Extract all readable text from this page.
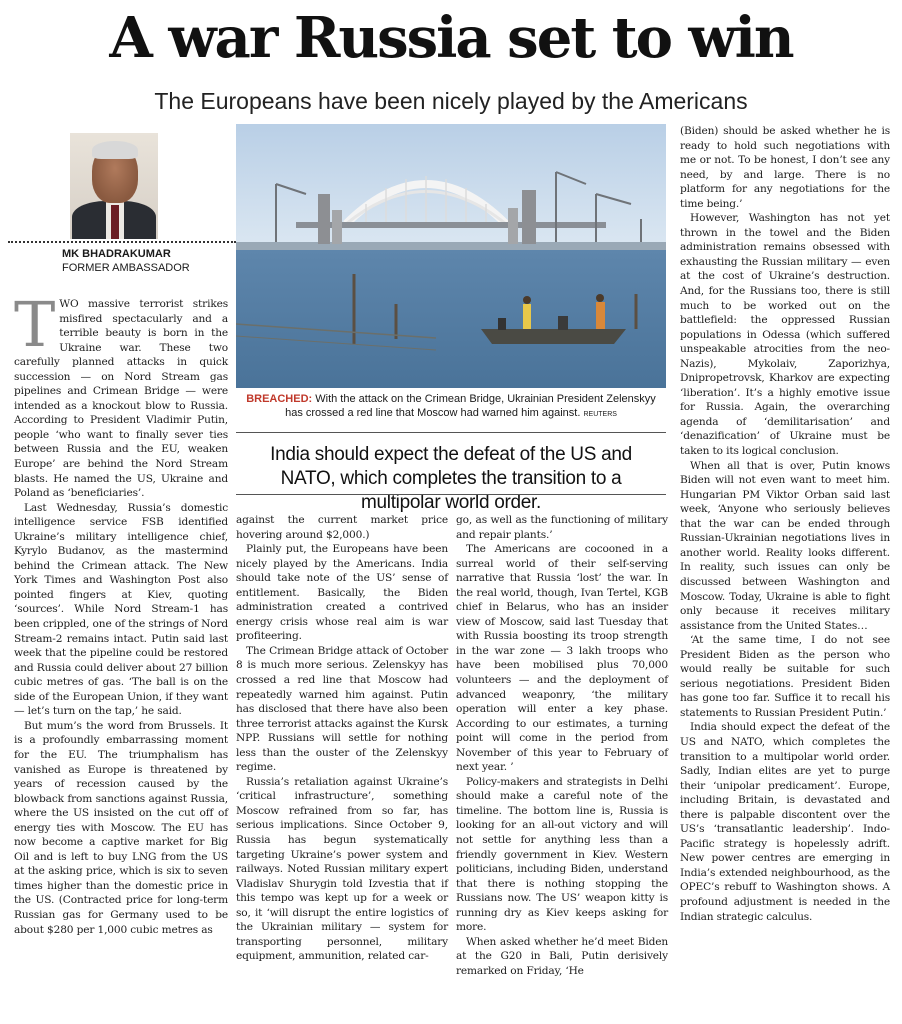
A war Russia set to win
The Europeans have been nicely played by the Americans
MK BHADRAKUMAR
FORMER AMBASSADOR
BREACHED: With the attack on the Crimean Bridge, Ukrainian President Zelenskyy has crossed a red line that Moscow had warned him against. REUTERS
India should expect the defeat of the US and NATO, which completes the transition to a multipolar world order.

TWO massive terrorist strikes misfired spectacularly and a terrible beauty is born in the Ukraine war. These two carefully planned attacks in quick succession — on Nord Stream gas pipelines and Crimean Bridge — were intended as a knockout blow to Russia. According to President Vladimir Putin, people ‘who want to finally sever ties between Russia and the EU, weaken Europe’ are behind the Nord Stream blasts. He named the US, Ukraine and Poland as ‘beneficiaries’.

Last Wednesday, Russia’s domestic intelligence service FSB identified Ukraine’s military intelligence chief, Kyrylo Budanov, as the mastermind behind the Crimean attack. The New York Times and Washington Post also pointed fingers at Kiev, quoting ‘sources’. While Nord Stream-1 has been crippled, one of the strings of Nord Stream-2 remains intact. Putin said last week that the pipeline could be restored and Russia could deliver about 27 billion cubic metres of gas. ‘The ball is on the side of the European Union, if they want — let’s turn on the tap,’ he said.

But mum’s the word from Brussels. It is a profoundly embarrassing moment for the EU. The triumphalism has vanished as Europe is threatened by years of recession caused by the blowback from sanctions against Russia, where the US insisted on the cut off of energy ties with Moscow. The EU has now become a captive market for Big Oil and is left to buy LNG from the US at the asking price, which is six to seven times higher than the domestic price in the US. (Contracted price for long-term Russian gas for Germany used to be about $280 per 1,000 cubic metres as

against the current market price hovering around $2,000.)

Plainly put, the Europeans have been nicely played by the Americans. India should take note of the US’ sense of entitlement. Basically, the Biden administration created a contrived energy crisis whose real aim is war profiteering.

The Crimean Bridge attack of October 8 is much more serious. Zelenskyy has crossed a red line that Moscow had repeatedly warned him against. Putin has disclosed that there have also been three terrorist attacks against the Kursk NPP. Russians will settle for nothing less than the ouster of the Zelenskyy regime.

Russia’s retaliation against Ukraine’s ‘critical infrastructure’, something Moscow refrained from so far, has serious implications. Since October 9, Russia has begun systematically targeting Ukraine’s power system and railways. Noted Russian military expert Vladislav Shurygin told Izvestia that if this tempo was kept up for a week or so, it ‘will disrupt the entire logistics of the Ukrainian military — system for transporting personnel, military equipment, ammunition, related car-

go, as well as the functioning of military and repair plants.’

The Americans are cocooned in a surreal world of their self-serving narrative that Russia ‘lost’ the war. In the real world, though, Ivan Tertel, KGB chief in Belarus, who has an insider view of Moscow, said last Tuesday that with Russia boosting its troop strength in the war zone — 3 lakh troops who have been mobilised plus 70,000 volunteers — and the deployment of advanced weaponry, ‘the military operation will enter a key phase. According to our estimates, a turning point will come in the period from November of this year to February of next year. ’

Policy-makers and strategists in Delhi should make a careful note of the timeline. The bottom line is, Russia is looking for an all-out victory and will not settle for anything less than a friendly government in Kiev. Western politicians, including Biden, understand that there is nothing stopping the Russians now. The US’ weapon kitty is running dry as Kiev keeps asking for more.

When asked whether he’d meet Biden at the G20 in Bali, Putin derisively remarked on Friday, ‘He

(Biden) should be asked whether he is ready to hold such negotiations with me or not. To be honest, I don’t see any need, by and large. There is no platform for any negotiations for the time being.’

However, Washington has not yet thrown in the towel and the Biden administration remains obsessed with exhausting the Russian military — even at the cost of Ukraine’s destruction. And, for the Russians too, there is still much to be worked out on the battlefield: the oppressed Russian populations in Odessa (which suffered unspeakable atrocities from the neo-Nazis), Mykolaiv, Zaporizhya, Dnipropetrovsk, Kharkov are expecting ‘liberation’. It’s a highly emotive issue for Russia. Again, the overarching agenda of ‘demilitarisation’ and ‘denazification’ of Ukraine must be taken to its logical conclusion.

When all that is over, Putin knows Biden will not even want to meet him. Hungarian PM Viktor Orban said last week, ‘Anyone who seriously believes that the war can be ended through Russian-Ukrainian negotiations lives in another world. Reality looks different. In reality, such issues can only be discussed between Washington and Moscow. Today, Ukraine is able to fight only because it receives military assistance from the United States…

‘At the same time, I do not see President Biden as the person who would really be suitable for such serious negotiations. President Biden has gone too far. Suffice it to recall his statements to Russian President Putin.’

India should expect the defeat of the US and NATO, which completes the transition to a multipolar world order. Sadly, Indian elites are yet to purge their ‘unipolar predicament’. Europe, including Britain, is devastated and there is palpable discontent over the US’s ‘transatlantic leadership’. Indo-Pacific strategy is hopelessly adrift. New power centres are emerging in India’s extended neighbourhood, as the OPEC’s rebuff to Washington shows. A profound adjustment is needed in the Indian strategic calculus.
